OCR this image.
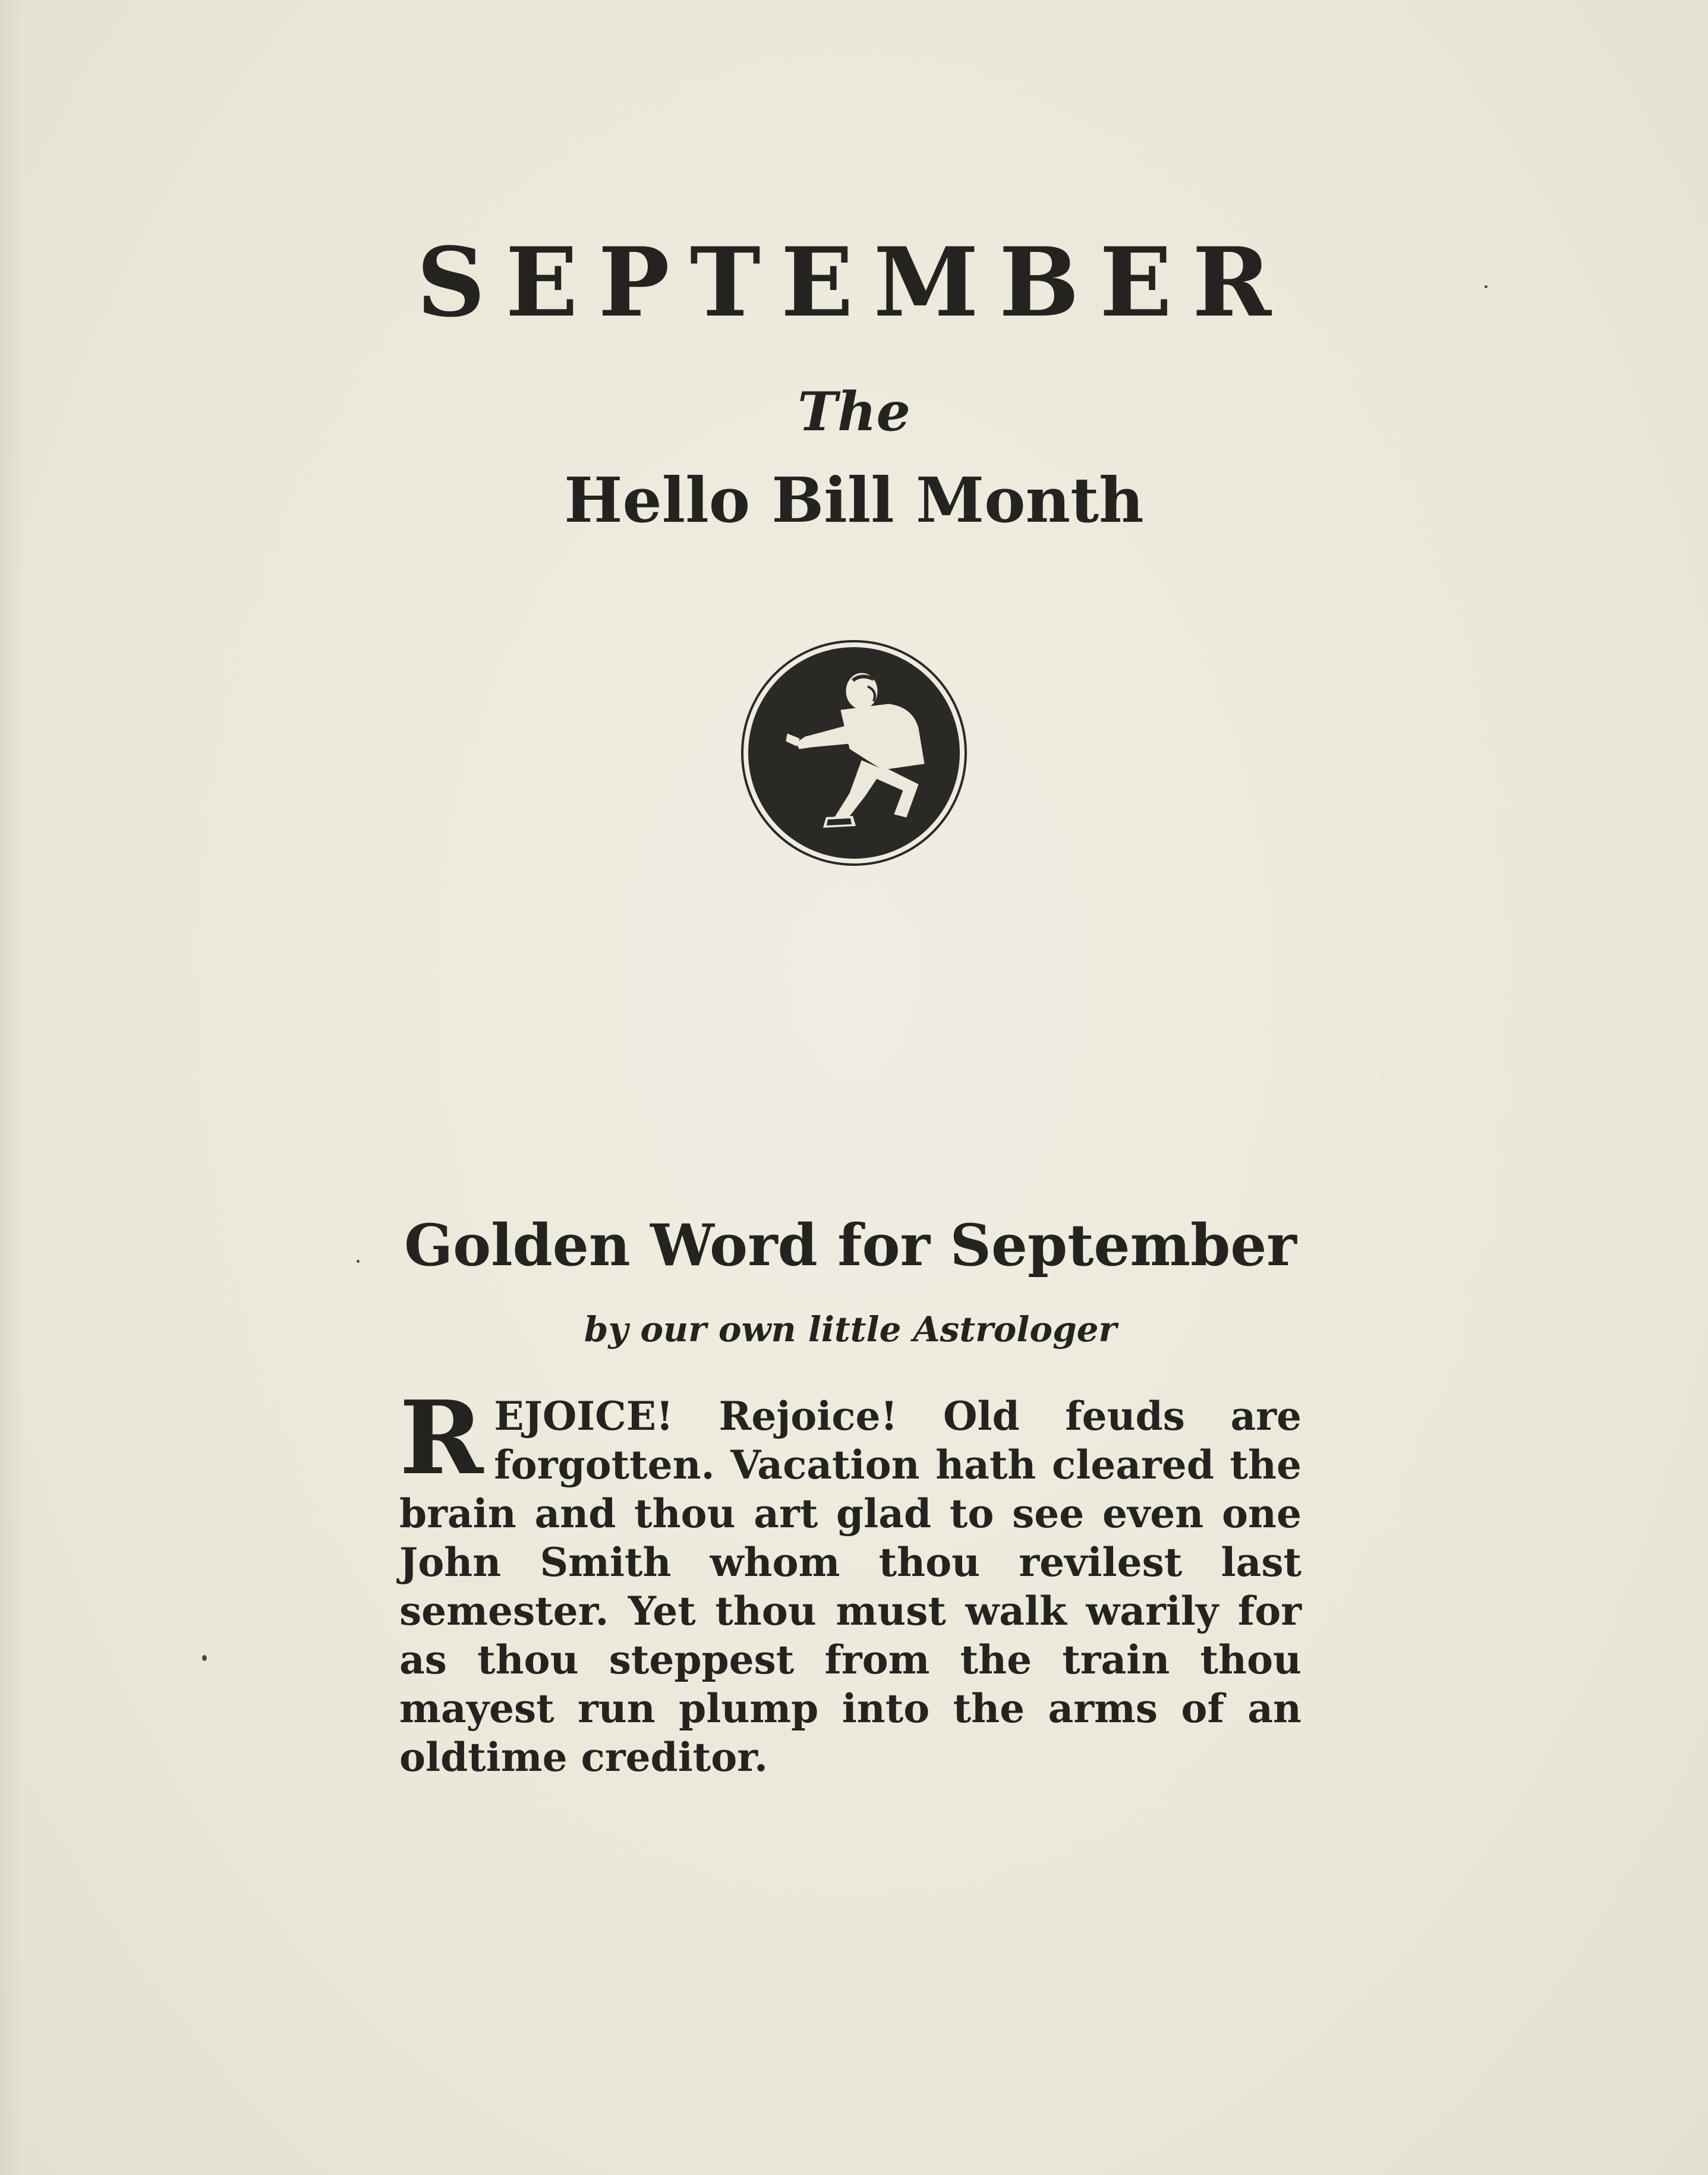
SEPTEMBER
The
Hello Bill Month
Golden Word for September
by our own little Astrologer

REJOICE! Rejoice! Old feuds are forgotten. Vacation hath cleared the brain and thou art glad to see even one John Smith whom thou revilest last semester. Yet thou must walk warily for as thou steppest from the train thou mayest run plump into the arms of an oldtime creditor.
